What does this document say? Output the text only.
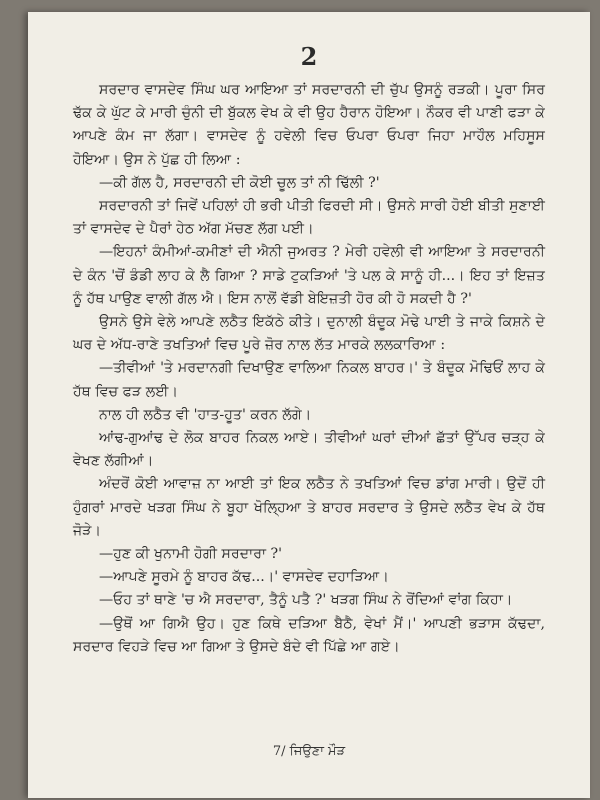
2

ਸਰਦਾਰ ਵਾਸਦੇਵ ਸਿੰਘ ਘਰ ਆਇਆ ਤਾਂ ਸਰਦਾਰਨੀ ਦੀ ਚੁੱਪ ਉਸਨੂੰ ਰੜਕੀ। ਪੂਰਾ ਸਿਰ ਢੱਕ ਕੇ ਘੁੱਟ ਕੇ ਮਾਰੀ ਚੁੰਨੀ ਦੀ ਬੁੱਕਲ ਵੇਖ ਕੇ ਵੀ ਉਹ ਹੈਰਾਨ ਹੋਇਆ। ਨੌਕਰ ਵੀ ਪਾਣੀ ਫੜਾ ਕੇ ਆਪਣੇ ਕੰਮ ਜਾ ਲੱਗਾ। ਵਾਸਦੇਵ ਨੂੰ ਹਵੇਲੀ ਵਿਚ ਓਪਰਾ ਓਪਰਾ ਜਿਹਾ ਮਾਹੌਲ ਮਹਿਸੂਸ ਹੋਇਆ। ਉਸ ਨੇ ਪੁੱਛ ਹੀ ਲਿਆ :

—ਕੀ ਗੱਲ ਹੈ, ਸਰਦਾਰਨੀ ਦੀ ਕੋਈ ਚੂਲ ਤਾਂ ਨੀ ਢਿੱਲੀ ?'

ਸਰਦਾਰਨੀ ਤਾਂ ਜਿਵੇਂ ਪਹਿਲਾਂ ਹੀ ਭਰੀ ਪੀਤੀ ਫਿਰਦੀ ਸੀ। ਉਸਨੇ ਸਾਰੀ ਹੋਈ ਬੀਤੀ ਸੁਣਾਈ ਤਾਂ ਵਾਸਦੇਵ ਦੇ ਪੈਰਾਂ ਹੇਠ ਅੱਗ ਮੱਚਣ ਲੱਗ ਪਈ।

—ਇਹਨਾਂ ਕੰਮੀਆਂ-ਕਮੀਣਾਂ ਦੀ ਐਨੀ ਜੁਅਰਤ ? ਮੇਰੀ ਹਵੇਲੀ ਵੀ ਆਇਆ ਤੇ ਸਰਦਾਰਨੀ ਦੇ ਕੰਨ 'ਚੋਂ ਡੰਡੀ ਲਾਹ ਕੇ ਲੈ ਗਿਆ ? ਸਾਡੇ ਟੁਕੜਿਆਂ 'ਤੇ ਪਲ ਕੇ ਸਾਨੂੰ ਹੀ...। ਇਹ ਤਾਂ ਇਜ਼ਤ ਨੂੰ ਹੱਥ ਪਾਉਣ ਵਾਲੀ ਗੱਲ ਐ। ਇਸ ਨਾਲੋਂ ਵੱਡੀ ਬੇਇਜ਼ਤੀ ਹੋਰ ਕੀ ਹੋ ਸਕਦੀ ਹੈ ?'

ਉਸਨੇ ਉਸੇ ਵੇਲੇ ਆਪਣੇ ਲਠੈਤ ਇਕੱਠੇ ਕੀਤੇ। ਦੁਨਾਲੀ ਬੰਦੂਕ ਮੋਢੇ ਪਾਈ ਤੇ ਜਾਕੇ ਕਿਸ਼ਨੇ ਦੇ ਘਰ ਦੇ ਅੱਧ-ਰਾਣੇ ਤਖਤਿਆਂ ਵਿਚ ਪੂਰੇ ਜ਼ੋਰ ਨਾਲ ਲੱਤ ਮਾਰਕੇ ਲਲਕਾਰਿਆ :

—ਤੀਵੀਆਂ 'ਤੇ ਮਰਦਾਨਗੀ ਦਿਖਾਉਣ ਵਾਲਿਆ ਨਿਕਲ ਬਾਹਰ।' ਤੇ ਬੰਦੂਕ ਮੋਢਿਓਂ ਲਾਹ ਕੇ ਹੱਥ ਵਿਚ ਫੜ ਲਈ।

ਨਾਲ ਹੀ ਲਠੈਤ ਵੀ 'ਹਾਤ-ਹੂਤ' ਕਰਨ ਲੱਗੇ।

ਆਂਢ-ਗੁਆਂਢ ਦੇ ਲੋਕ ਬਾਹਰ ਨਿਕਲ ਆਏ। ਤੀਵੀਆਂ ਘਰਾਂ ਦੀਆਂ ਛੱਤਾਂ ਉੱਪਰ ਚੜ੍ਹ ਕੇ ਵੇਖਣ ਲੱਗੀਆਂ।

ਅੰਦਰੋਂ ਕੋਈ ਆਵਾਜ਼ ਨਾ ਆਈ ਤਾਂ ਇਕ ਲਠੈਤ ਨੇ ਤਖਤਿਆਂ ਵਿਚ ਡਾਂਗ ਮਾਰੀ। ਉਦੋਂ ਹੀ ਹੁੰਗਰਾਂ ਮਾਰਦੇ ਖੜਗ ਸਿੰਘ ਨੇ ਬੂਹਾ ਖੋਲ੍ਹਿਆ ਤੇ ਬਾਹਰ ਸਰਦਾਰ ਤੇ ਉਸਦੇ ਲਠੈਤ ਵੇਖ ਕੇ ਹੱਥ ਜੋੜੇ।

—ਹੁਣ ਕੀ ਖੁਨਾਮੀ ਹੋਗੀ ਸਰਦਾਰਾ ?'

—ਆਪਣੇ ਸੂਰਮੇ ਨੂੰ ਬਾਹਰ ਕੱਢ...।' ਵਾਸਦੇਵ ਦਹਾੜਿਆ।

—ਓਹ ਤਾਂ ਥਾਣੇ 'ਚ ਐ ਸਰਦਾਰਾ, ਤੈਨੂੰ ਪਤੈ ?' ਖੜਗ ਸਿੰਘ ਨੇ ਰੋਂਦਿਆਂ ਵਾਂਗ ਕਿਹਾ।

—ਉਥੋਂ ਆ ਗਿਐ ਉਹ। ਹੁਣ ਕਿਥੇ ਦੜਿਆ ਬੈਠੈ, ਵੇਖਾਂ ਮੈਂ।' ਆਪਣੀ ਭੜਾਸ ਕੱਢਦਾ, ਸਰਦਾਰ ਵਿਹੜੇ ਵਿਚ ਆ ਗਿਆ ਤੇ ਉਸਦੇ ਬੰਦੇ ਵੀ ਪਿੱਛੇ ਆ ਗਏ।

7/ ਜਿਉਣਾ ਮੌੜ
